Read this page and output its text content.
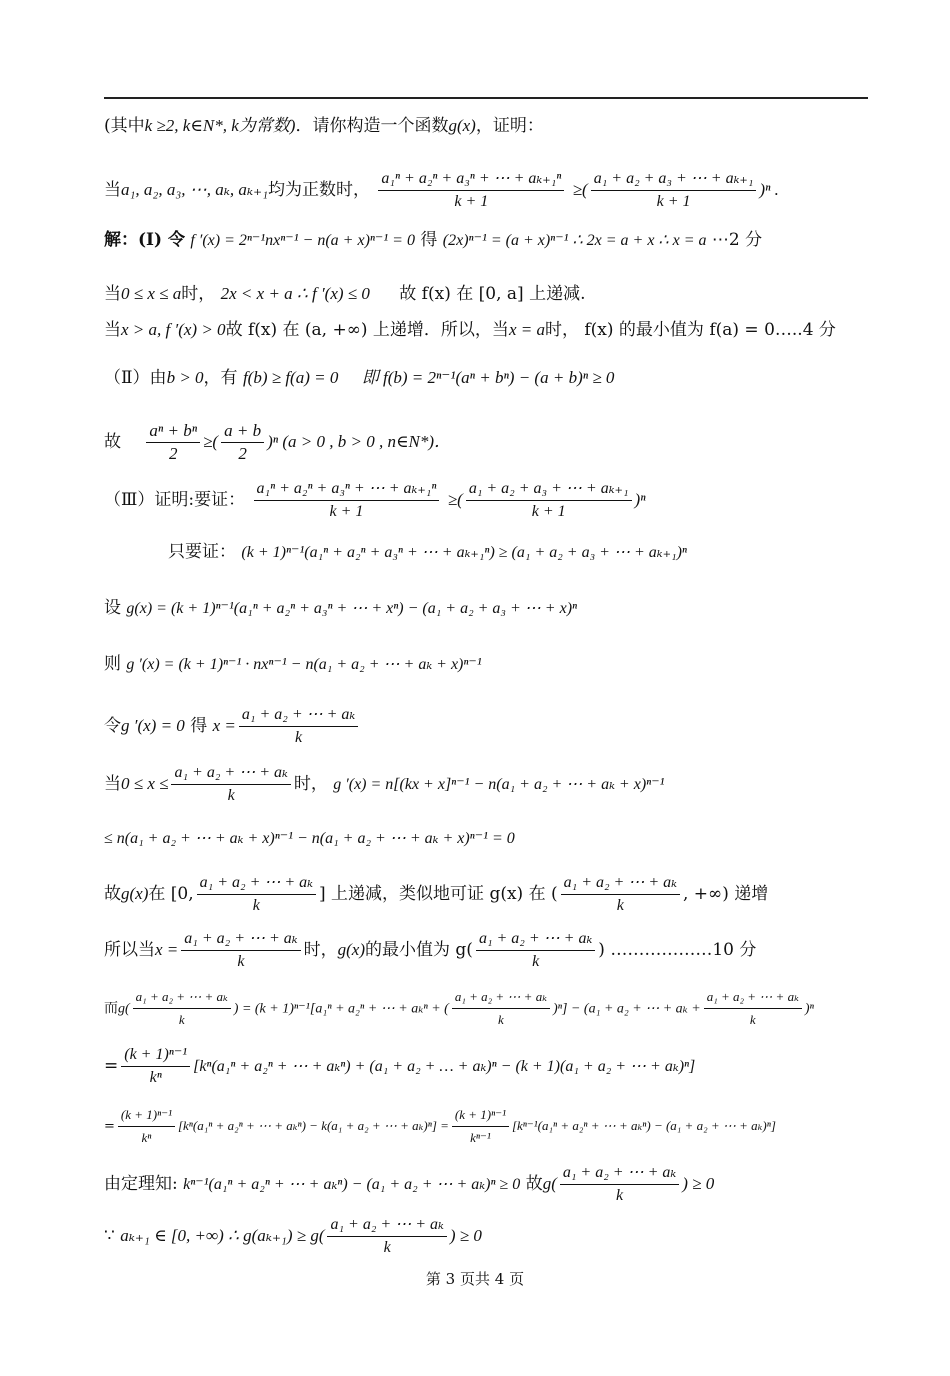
(其中k ≥2, k∈N*, k为常数)．请你构造一个函数g(x)，证明：
当a₁, a₂, a₃, ⋯, aₖ, aₖ₊₁均为正数时， $\frac{\text{a₁ⁿ + a₂ⁿ + a₃ⁿ + ⋯ + aₖ₊₁ⁿ}}{k + 1}$ ≥( $\frac{\text{a₁ + a₂ + a₃ + ⋯ + aₖ₊₁}}{k + 1} )^n$ .
解：(Ⅰ) 令 f ′(x) = 2ⁿ⁻¹nxⁿ⁻¹ − n(a + x)ⁿ⁻¹ = 0 得 (2x)ⁿ⁻¹ = (a + x)ⁿ⁻¹ ∴ 2x = a + x ∴ x = a ⋯2 分
当0 ≤ x ≤ a时， 2x < x + a ∴ f ′(x) ≤ 0 故 f(x) 在 [0, a] 上递减.
当x > a, f ′(x) > 0故 f(x) 在 (a, +∞) 上递增．所以，当x = a时， f(x) 的最小值为 f(a) = 0…..4 分
（Ⅱ）由b > 0，有 f(b) ≥ f(a) = 0 即 f(b) = 2ⁿ⁻¹(aⁿ + bⁿ) − (a + b)ⁿ ≥ 0
故 $\frac{\text{aⁿ + bⁿ}}{2}$ ≥( $\frac{a + b}{2} )^n$ (a > 0 , b > 0 , n∈N*)．
（Ⅲ）证明:要证： $\frac{\text{a₁ⁿ + a₂ⁿ + a₃ⁿ + ⋯ + aₖ₊₁ⁿ}}{k + 1}$ ≥( $\frac{\text{a₁ + a₂ + a₃ + ⋯ + aₖ₊₁}}{k + 1} )^n$
只要证： (k + 1)ⁿ⁻¹(a₁ⁿ + a₂ⁿ + a₃ⁿ + ⋯ + aₖ₊₁ⁿ) ≥ (a₁ + a₂ + a₃ + ⋯ + aₖ₊₁)ⁿ
设 g(x) = (k + 1)ⁿ⁻¹(a₁ⁿ + a₂ⁿ + a₃ⁿ + ⋯ + xⁿ) − (a₁ + a₂ + a₃ + ⋯ + x)ⁿ
则 g ′(x) = (k + 1)ⁿ⁻¹ · nxⁿ⁻¹ − n(a₁ + a₂ + ⋯ + aₖ + x)ⁿ⁻¹
令g ′(x) = 0 得 $x = \frac{\text{a₁ + a₂ + ⋯ + aₖ}}{k}$
当$0 \le x \le \frac{\text{a₁ + a₂ + ⋯ + aₖ}}{k}$ 时， g ′(x) = n[(kx + x]ⁿ⁻¹ − n(a₁ + a₂ + ⋯ + aₖ + x)ⁿ⁻¹
≤ n(a₁ + a₂ + ⋯ + aₖ + x)ⁿ⁻¹ − n(a₁ + a₂ + ⋯ + aₖ + x)ⁿ⁻¹ = 0
故g(x)在 [0, $\frac{\text{a₁ + a₂ + ⋯ + aₖ}}{k}$ ] 上递减，类似地可证 g(x) 在 ( $\frac{\text{a₁ + a₂ + ⋯ + aₖ}}{k}$ , +∞) 递增
所以当$x = \frac{\text{a₁ + a₂ + ⋯ + aₖ}}{k}$ 时，g(x)的最小值为 $g( \frac{\text{a₁ + a₂ + ⋯ + aₖ}}{k}$ ) ………………10 分
而$g( \frac{\text{a₁ + a₂ + ⋯ + aₖ}}{k}$ ) = (k + 1)ⁿ⁻¹[a₁ⁿ + a₂ⁿ + ⋯ + aₖⁿ + ( $\frac{\text{a₁ + a₂ + ⋯ + aₖ}}{k} )^n] - (a_1 + a_2$ + ⋯ + $a_k + \frac{\text{a₁ + a₂ + ⋯ + aₖ}}{k} )^n$
= $\frac{\text{(k + 1)ⁿ⁻¹}}{\text{kⁿ}} [k^n(a_1^n + a_2^n$ + ⋯ + aₖⁿ) + (a₁ + a₂ + … + aₖ)ⁿ − (k + 1)(a₁ + a₂ + ⋯ + aₖ)ⁿ]
= $\frac{\text{(k + 1)ⁿ⁻¹}}{\text{kⁿ}} [k^n(a_1^n + a_2^n$ + ⋯ + aₖⁿ) − k(a₁ + a₂ + ⋯ + $a_k)^n] = \frac{\text{(k + 1)ⁿ⁻¹}}{\text{kⁿ⁻¹}} [k^{n-1}(a_1^n + a_2^n$ + ⋯ + aₖⁿ) − (a₁ + a₂ + ⋯ + aₖ)ⁿ]
由定理知: kⁿ⁻¹(a₁ⁿ + a₂ⁿ + ⋯ + aₖⁿ) − (a₁ + a₂ + ⋯ + aₖ)ⁿ ≥ 0 故$g( \frac{\text{a₁ + a₂ + ⋯ + aₖ}}{k}$ ) ≥ 0
∵ aₖ₊₁ ∈ [0, +∞) ∴ $g(a_{k+1}) \ge g( \frac{\text{a₁ + a₂ + ⋯ + aₖ}}{k}$ ) ≥ 0
第 3 页共 4 页
